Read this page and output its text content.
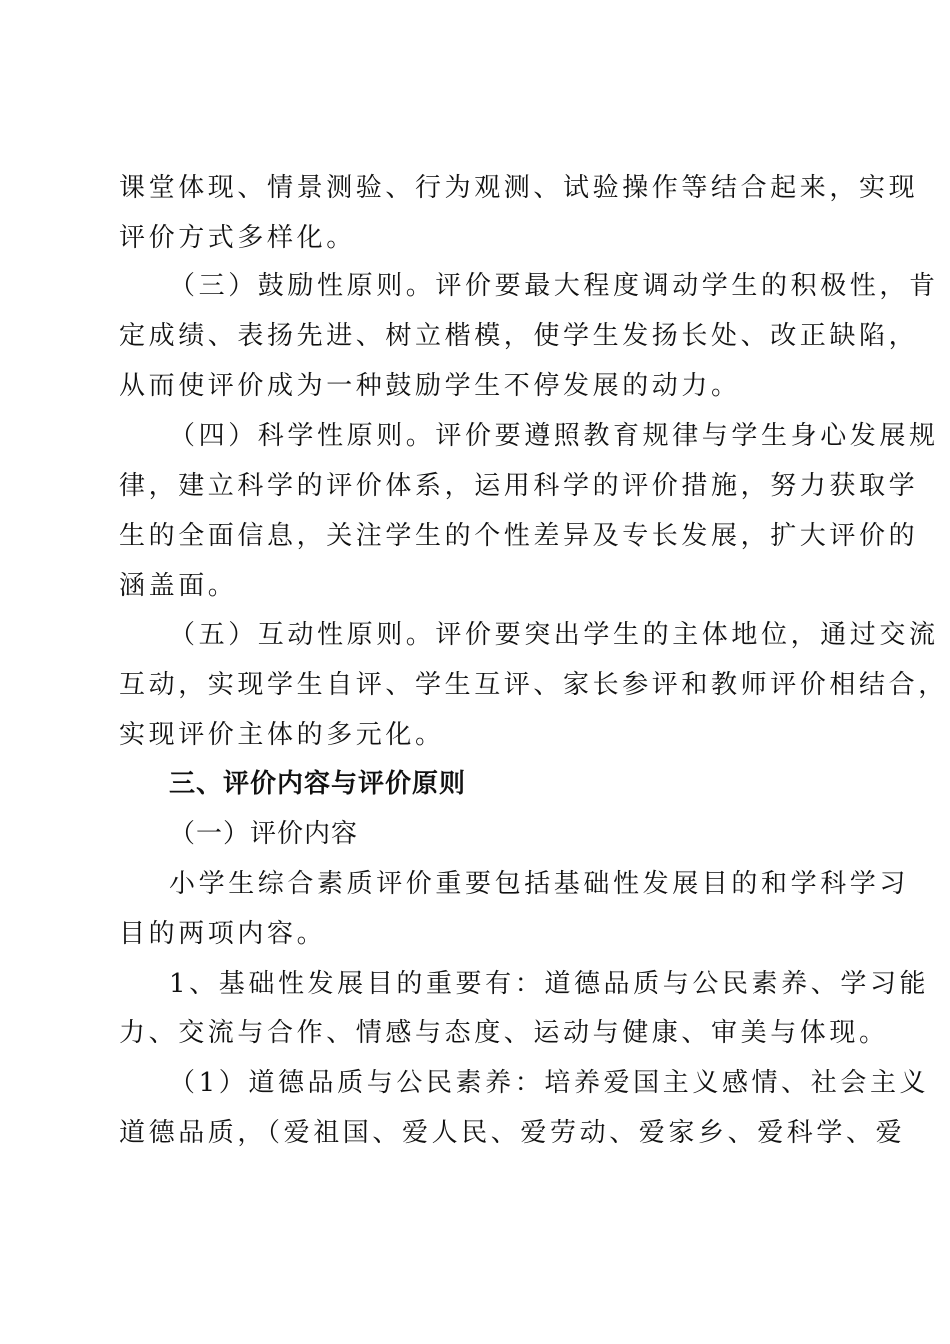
课堂体现、情景测验、行为观测、试验操作等结合起来，实现
评价方式多样化。
（三）鼓励性原则。评价要最大程度调动学生的积极性，肯
定成绩、表扬先进、树立楷模，使学生发扬长处、改正缺陷，
从而使评价成为一种鼓励学生不停发展的动力。
（四）科学性原则。评价要遵照教育规律与学生身心发展规
律，建立科学的评价体系，运用科学的评价措施，努力获取学
生的全面信息，关注学生的个性差异及专长发展，扩大评价的
涵盖面。
（五）互动性原则。评价要突出学生的主体地位，通过交流
互动，实现学生自评、学生互评、家长参评和教师评价相结合，
实现评价主体的多元化。
三、评价内容与评价原则
（一）评价内容
小学生综合素质评价重要包括基础性发展目的和学科学习
目的两项内容。
1、基础性发展目的重要有：道德品质与公民素养、学习能
力、交流与合作、情感与态度、运动与健康、审美与体现。
（1）道德品质与公民素养：培养爱国主义感情、社会主义
道德品质，（爱祖国、爱人民、爱劳动、爱家乡、爱科学、爱
